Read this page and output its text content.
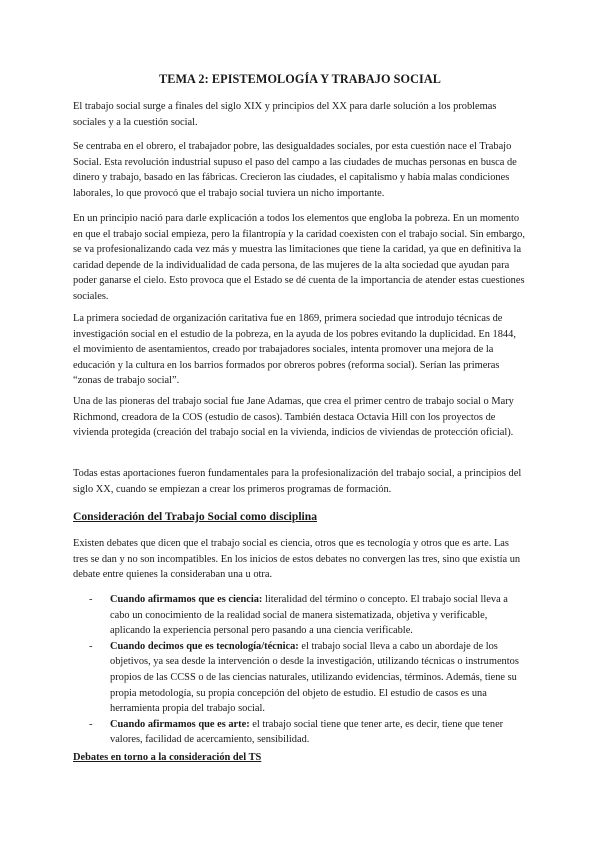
TEMA 2: EPISTEMOLOGÍA Y TRABAJO SOCIAL

El trabajo social surge a finales del siglo XIX y principios del XX para darle solución a los problemas sociales y a la cuestión social.

Se centraba en el obrero, el trabajador pobre, las desigualdades sociales, por esta cuestión nace el Trabajo Social. Esta revolución industrial supuso el paso del campo a las ciudades de muchas personas en busca de dinero y trabajo, basado en las fábricas. Crecieron las ciudades, el capitalismo y había malas condiciones laborales, lo que provocó que el trabajo social tuviera un nicho importante.

En un principio nació para darle explicación a todos los elementos que engloba la pobreza. En un momento en que el trabajo social empieza, pero la filantropía y la caridad coexisten con el trabajo social. Sin embargo, se va profesionalizando cada vez más y muestra las limitaciones que tiene la caridad, ya que en definitiva la caridad depende de la individualidad de cada persona, de las mujeres de la alta sociedad que ayudan para poder ganarse el cielo. Esto provoca que el Estado se dé cuenta de la importancia de atender estas cuestiones sociales.

La primera sociedad de organización caritativa fue en 1869, primera sociedad que introdujo técnicas de investigación social en el estudio de la pobreza, en la ayuda de los pobres evitando la duplicidad. En 1844, el movimiento de asentamientos, creado por trabajadores sociales, intenta promover una mejora de la educación y la cultura en los barrios formados por obreros pobres (reforma social). Serían las primeras “zonas de trabajo social”.

Una de las pioneras del trabajo social fue Jane Adamas, que crea el primer centro de trabajo social o Mary Richmond, creadora de la COS (estudio de casos). También destaca Octavia Hill con los proyectos de vivienda protegida (creación del trabajo social en la vivienda, indicios de viviendas de protección oficial).

Todas estas aportaciones fueron fundamentales para la profesionalización del trabajo social, a principios del siglo XX, cuando se empiezan a crear los primeros programas de formación.

Consideración del Trabajo Social como disciplina

Existen debates que dicen que el trabajo social es ciencia, otros que es tecnología y otros que es arte. Las tres se dan y no son incompatibles. En los inicios de estos debates no convergen las tres, sino que existía un debate entre quienes la consideraban una u otra.

- Cuando afirmamos que es ciencia: literalidad del término o concepto. El trabajo social lleva a cabo un conocimiento de la realidad social de manera sistematizada, objetiva y verificable, aplicando la experiencia personal pero pasando a una ciencia verificable.
- Cuando decimos que es tecnología/técnica: el trabajo social lleva a cabo un abordaje de los objetivos, ya sea desde la intervención o desde la investigación, utilizando técnicas o instrumentos propios de las CCSS o de las ciencias naturales, utilizando evidencias, términos. Además, tiene su propia metodología, su propia concepción del objeto de estudio. El estudio de casos es una herramienta propia del trabajo social.
- Cuando afirmamos que es arte: el trabajo social tiene que tener arte, es decir, tiene que tener valores, facilidad de acercamiento, sensibilidad.
Debates en torno a la consideración del TS
